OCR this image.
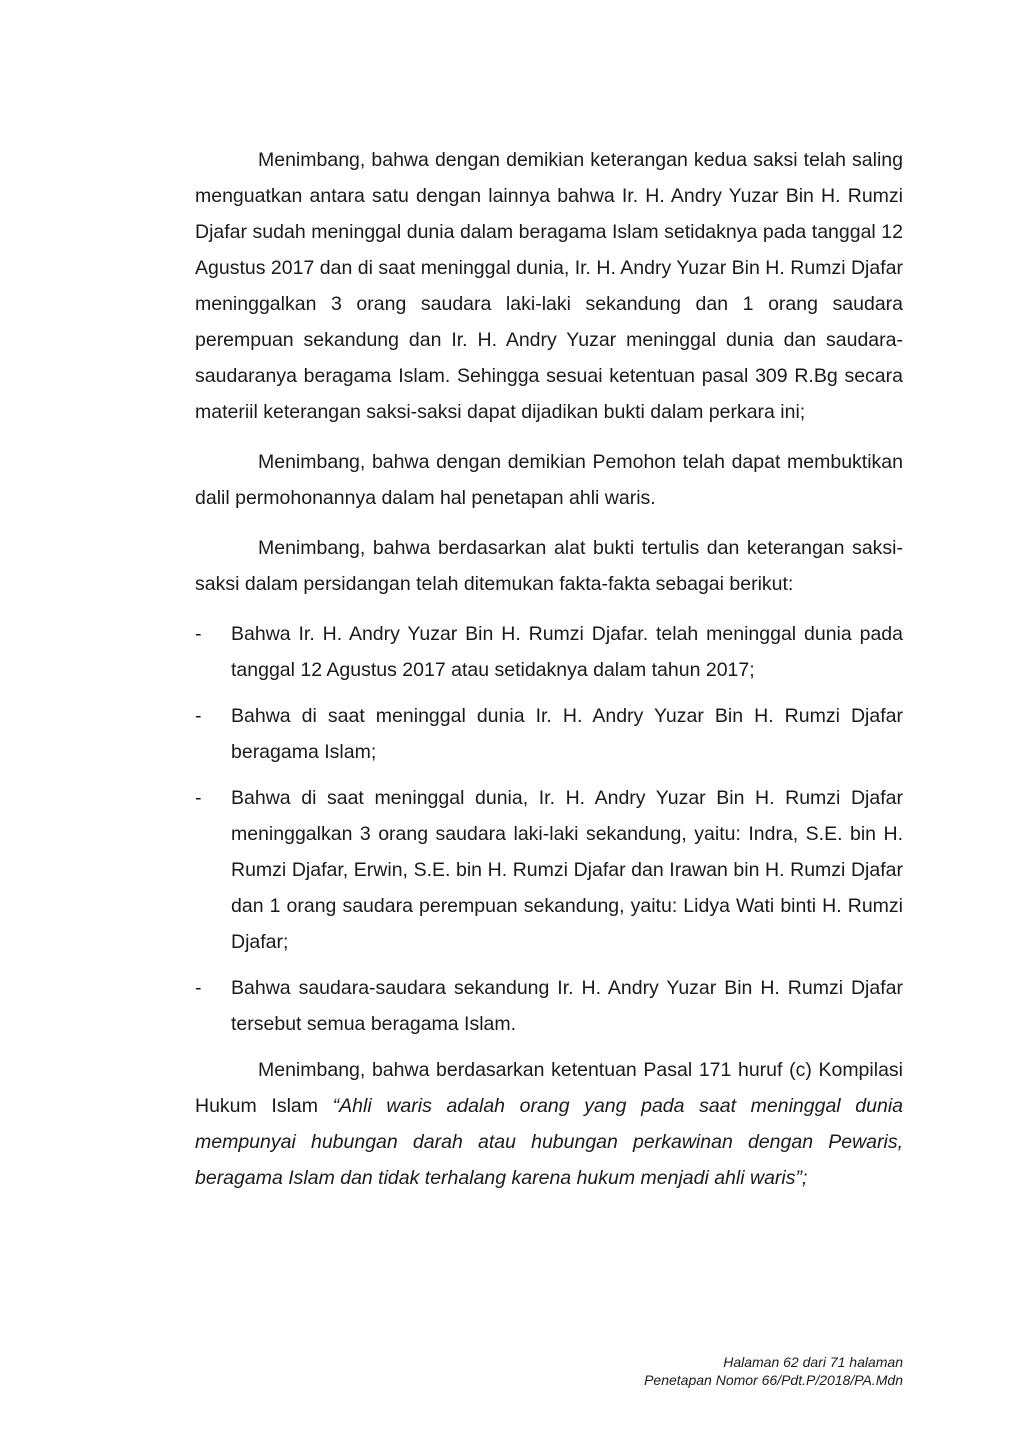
Menimbang, bahwa dengan demikian keterangan kedua saksi telah saling menguatkan antara satu dengan lainnya bahwa Ir. H. Andry Yuzar Bin H. Rumzi Djafar sudah meninggal dunia dalam beragama Islam setidaknya pada tanggal 12 Agustus 2017 dan di saat meninggal dunia, Ir. H. Andry Yuzar Bin H. Rumzi Djafar meninggalkan 3 orang saudara laki-laki sekandung dan 1 orang saudara perempuan sekandung dan Ir. H. Andry Yuzar meninggal dunia dan saudara-saudaranya beragama Islam. Sehingga sesuai ketentuan pasal 309 R.Bg secara materiil keterangan saksi-saksi dapat dijadikan bukti dalam perkara ini;

Menimbang, bahwa dengan demikian Pemohon telah dapat membuktikan dalil permohonannya dalam hal penetapan ahli waris.

Menimbang, bahwa berdasarkan alat bukti tertulis dan keterangan saksi-saksi dalam persidangan telah ditemukan fakta-fakta sebagai berikut:

- Bahwa Ir. H. Andry Yuzar Bin H. Rumzi Djafar. telah meninggal dunia pada tanggal 12 Agustus 2017 atau setidaknya dalam tahun 2017;
- Bahwa di saat meninggal dunia Ir. H. Andry Yuzar Bin H. Rumzi Djafar beragama Islam;
- Bahwa di saat meninggal dunia, Ir. H. Andry Yuzar Bin H. Rumzi Djafar meninggalkan 3 orang saudara laki-laki sekandung, yaitu: Indra, S.E. bin H. Rumzi Djafar, Erwin, S.E. bin H. Rumzi Djafar dan Irawan bin H. Rumzi Djafar dan 1 orang saudara perempuan sekandung, yaitu: Lidya Wati binti H. Rumzi Djafar;
- Bahwa saudara-saudara sekandung Ir. H. Andry Yuzar Bin H. Rumzi Djafar tersebut semua beragama Islam.

Menimbang, bahwa berdasarkan ketentuan Pasal 171 huruf (c) Kompilasi Hukum Islam “Ahli waris adalah orang yang pada saat meninggal dunia mempunyai hubungan darah atau hubungan perkawinan dengan Pewaris, beragama Islam dan tidak terhalang karena hukum menjadi ahli waris”;

Halaman 62 dari 71 halaman
Penetapan Nomor 66/Pdt.P/2018/PA.Mdn
